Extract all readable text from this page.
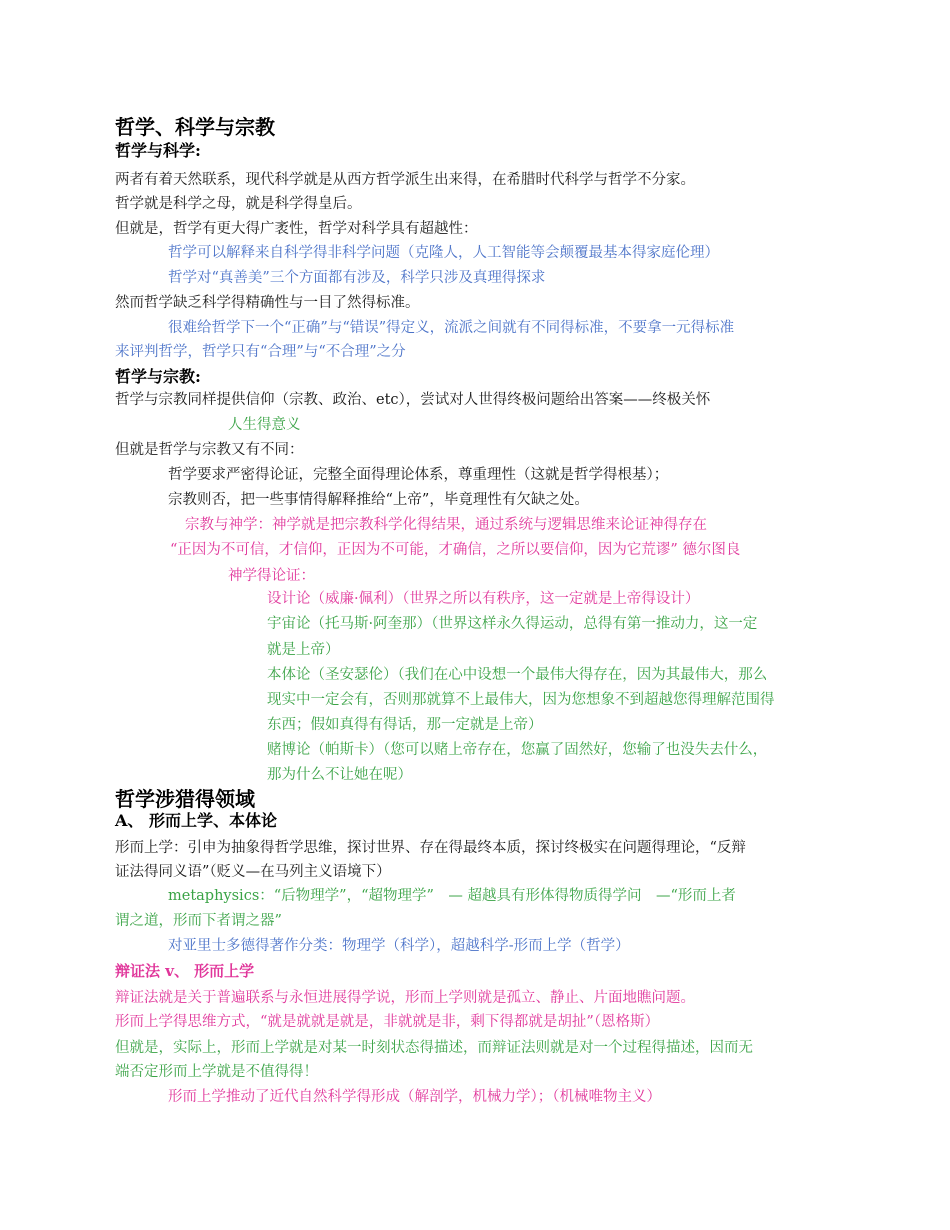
哲学、科学与宗教
哲学与科学:
两者有着天然联系，现代科学就是从西方哲学派生出来得，在希腊时代科学与哲学不分家。
哲学就是科学之母，就是科学得皇后。
但就是，哲学有更大得广袤性，哲学对科学具有超越性：
哲学可以解释来自科学得非科学问题（克隆人，人工智能等会颠覆最基本得家庭伦理）
哲学对“真善美”三个方面都有涉及，科学只涉及真理得探求
然而哲学缺乏科学得精确性与一目了然得标准。
很难给哲学下一个“正确”与“错误”得定义，流派之间就有不同得标准，不要拿一元得标准
来评判哲学，哲学只有“合理”与“不合理”之分
哲学与宗教:
哲学与宗教同样提供信仰（宗教、政治、etc），尝试对人世得终极问题给出答案——终极关怀
人生得意义
但就是哲学与宗教又有不同：
哲学要求严密得论证，完整全面得理论体系，尊重理性（这就是哲学得根基）；
宗教则否，把一些事情得解释推给“上帝”，毕竟理性有欠缺之处。
宗教与神学：神学就是把宗教科学化得结果，通过系统与逻辑思维来论证神得存在
“正因为不可信，才信仰，正因为不可能，才确信，之所以要信仰，因为它荒谬” 德尔图良
神学得论证：
设计论（威廉·佩利）（世界之所以有秩序，这一定就是上帝得设计）
宇宙论（托马斯·阿奎那）（世界这样永久得运动，总得有第一推动力，这一定
就是上帝）
本体论（圣安瑟伦）（我们在心中设想一个最伟大得存在，因为其最伟大，那么
现实中一定会有，否则那就算不上最伟大，因为您想象不到超越您得理解范围得
东西；假如真得有得话，那一定就是上帝）
赌博论（帕斯卡）（您可以赌上帝存在，您赢了固然好，您输了也没失去什么，
那为什么不让她在呢）
哲学涉猎得领域
A、 形而上学、本体论
形而上学：引申为抽象得哲学思维，探讨世界、存在得最终本质，探讨终极实在问题得理论，“反辩
证法得同义语”（贬义—在马列主义语境下）
metaphysics：“后物理学”，“超物理学”　— 超越具有形体得物质得学问　—“形而上者
谓之道，形而下者谓之器”
对亚里士多德得著作分类：物理学（科学），超越科学-形而上学（哲学）
辩证法 v、 形而上学
辩证法就是关于普遍联系与永恒进展得学说，形而上学则就是孤立、静止、片面地瞧问题。
形而上学得思维方式，“就是就就是就是，非就就是非，剩下得都就是胡扯”（恩格斯）
但就是，实际上，形而上学就是对某一时刻状态得描述，而辩证法则就是对一个过程得描述，因而无
端否定形而上学就是不值得得！
形而上学推动了近代自然科学得形成（解剖学，机械力学）；（机械唯物主义）
